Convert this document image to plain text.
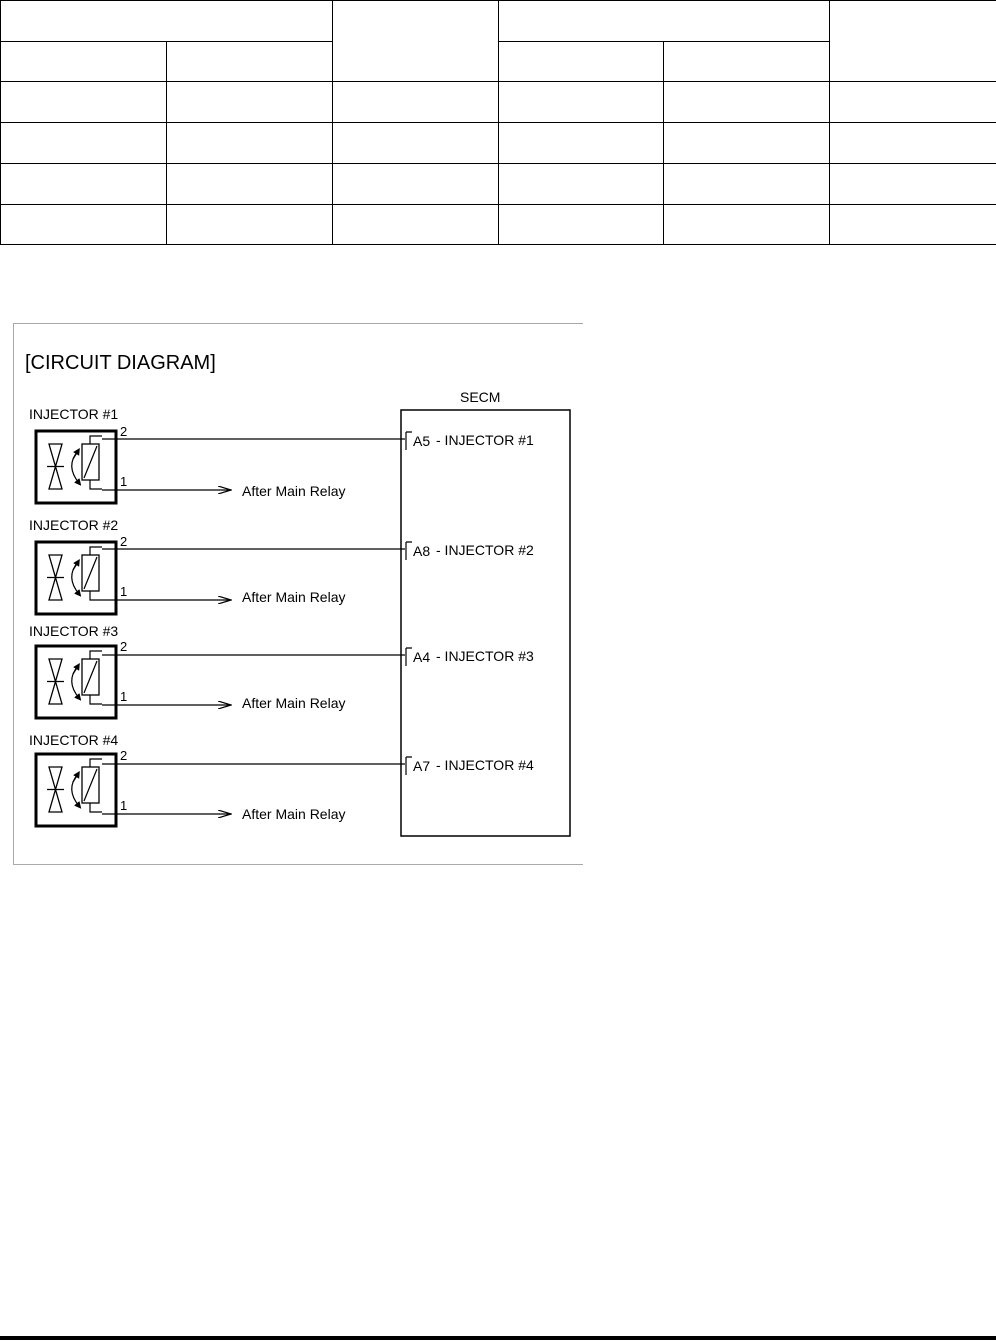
[CIRCUIT DIAGRAM]
SECM
INJECTOR #1
2
1
After Main Relay
A5 - INJECTOR #1
INJECTOR #2
2
1	After Main Relay
A8 - INJECTOR #2
INJECTOR #3
2
1	After Main Relay
A4 - INJECTOR #3
INJECTOR #4
2
1
After Main Relay
A7 - INJECTOR #4
